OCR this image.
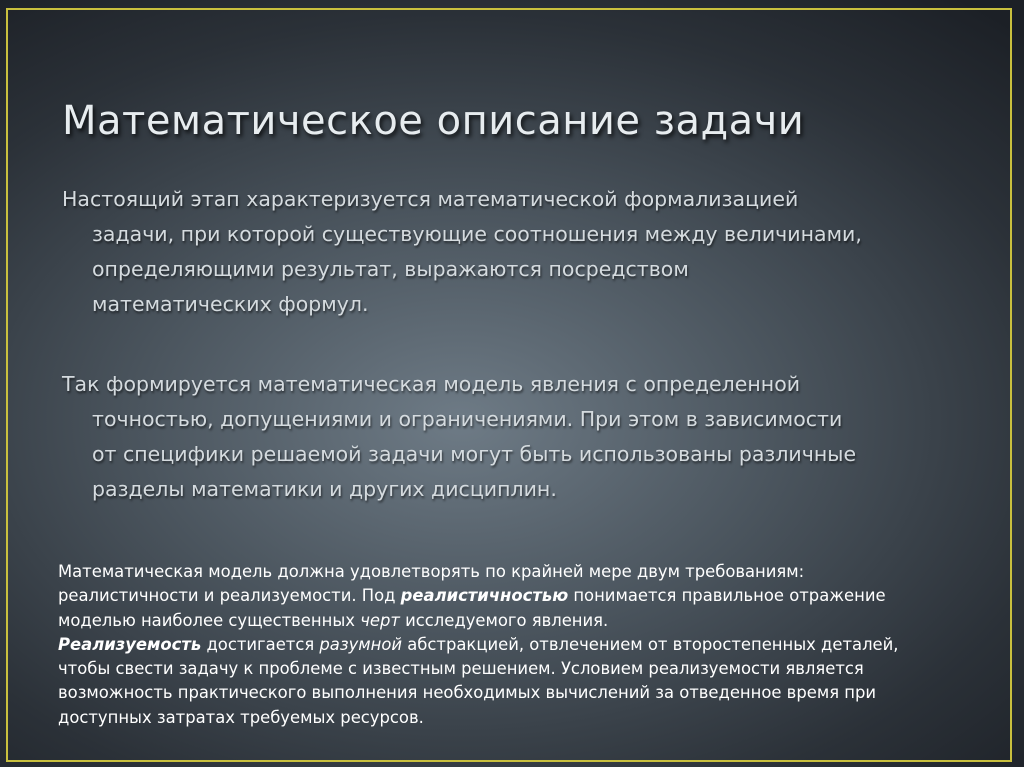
Математическое описание задачи

Настоящий этап характеризуется математической формализацией
задачи, при которой существующие соотношения между величинами,
определяющими результат, выражаются посредством
математических формул.

Так формируется математическая модель явления с определенной
точностью, допущениями и ограничениями. При этом в зависимости
от специфики решаемой задачи могут быть использованы различные
разделы математики и других дисциплин.

Математическая модель должна удовлетворять по крайней мере двум требованиям:
реалистичности и реализуемости. Под реалистичностью понимается правильное отражение
моделью наиболее существенных черт исследуемого явления.
Реализуемость достигается разумной абстракцией, отвлечением от второстепенных деталей,
чтобы свести задачу к проблеме с известным решением. Условием реализуемости является
возможность практического выполнения необходимых вычислений за отведенное время при
доступных затратах требуемых ресурсов.
